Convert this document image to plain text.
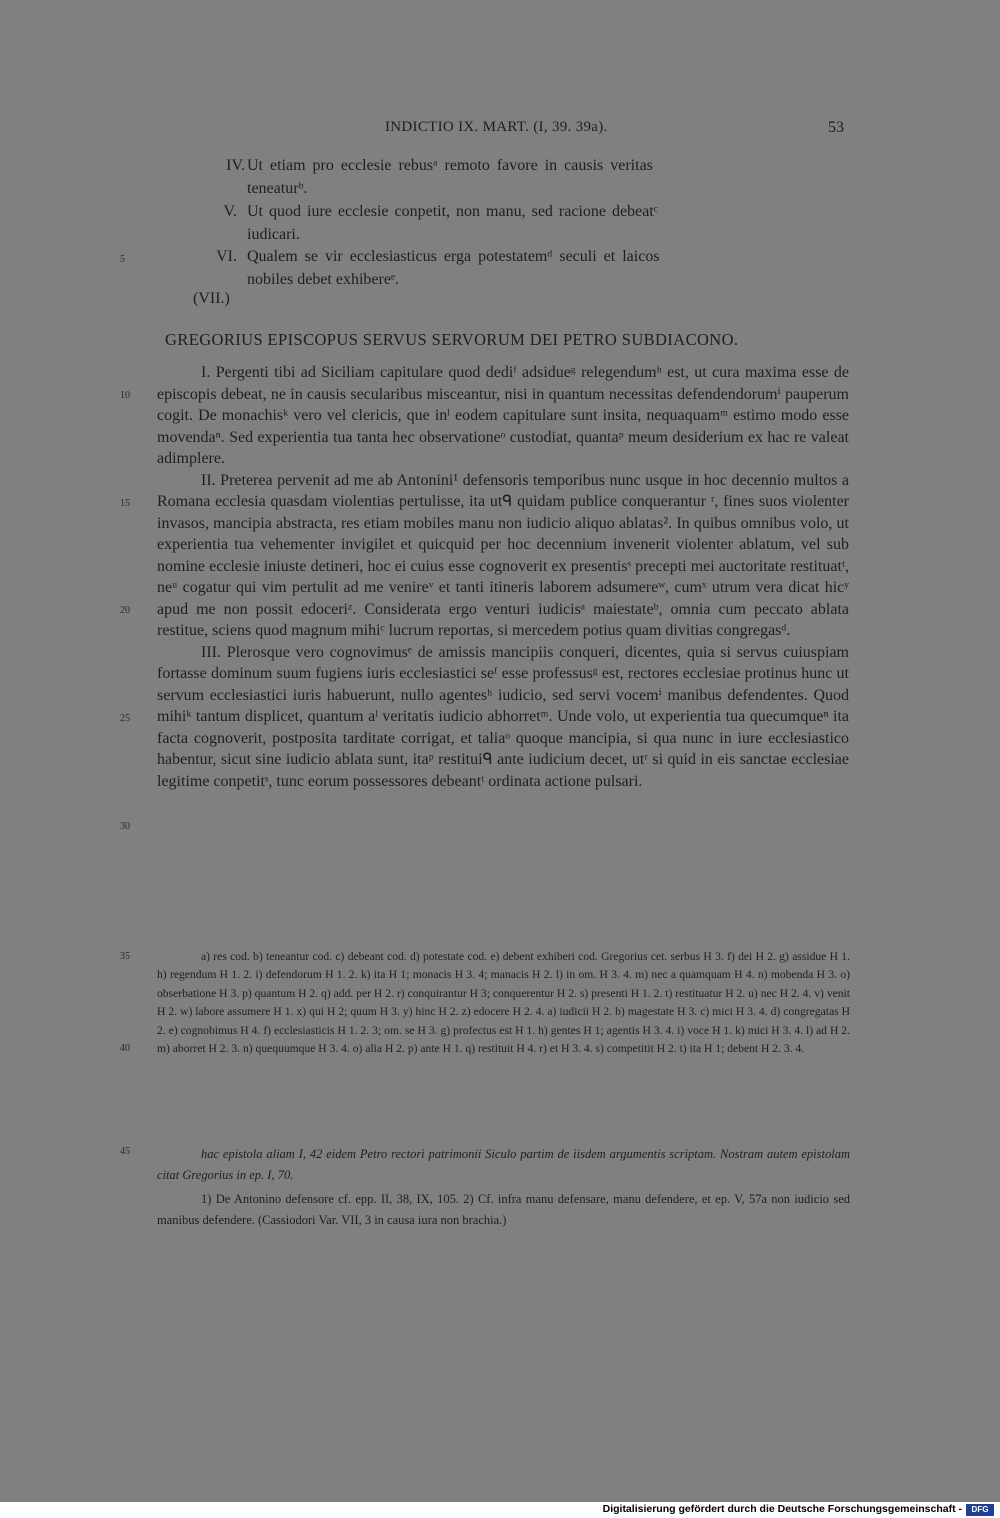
INDICTIO IX. MART. (I, 39. 39a).	53
5
10
15
20
25
30
35
40
45
IV. Ut etiam pro ecclesie rebusᵃ remoto favore in causis veritas
teneaturᵇ.
V. Ut quod iure ecclesie conpetit, non manu, sed racione debeatᶜ
iudicari.
VI. Qualem se vir ecclesiasticus erga potestatemᵈ seculi et laicos
nobiles debet exhibereᵉ.
(VII.)
GREGORIUS EPISCOPUS SERVUS SERVORUM DEI PETRO SUBDIACONO.

I. Pergenti tibi ad Siciliam capitulare quod dediᶠ adsidueᵍ relegendumʰ est, ut cura maxima esse de episcopis debeat, ne in causis secularibus misceantur, nisi in quantum necessitas defendendorumⁱ pauperum cogit. De monachisᵏ vero vel clericis, que inˡ eodem capitulare sunt insita, nequaquamᵐ estimo modo esse movendaⁿ. Sed experientia tua tanta hec observationeᵒ custodiat, quantaᵖ meum desiderium ex hac re valeat adimplere.

II. Preterea pervenit ad me ab Antonini¹ defensoris temporibus nunc usque in hoc decennio multos a Romana ecclesia quasdam violentias pertulisse, ita utᑫ quidam publice conquerantur ʳ, fines suos violenter invasos, mancipia abstracta, res etiam mobiles manu non iudicio aliquo ablatas². In quibus omnibus volo, ut experientia tua vehementer invigilet et quicquid per hoc decennium invenerit violenter ablatum, vel sub nomine ecclesie iniuste detineri, hoc ei cuius esse cognoverit ex presentisˢ precepti mei auctoritate restituatᵗ, neᵘ cogatur qui vim pertulit ad me venireᵛ et tanti itineris laborem adsumereʷ, cumˣ utrum vera dicat hicʸ apud me non possit edoceriᶻ. Considerata ergo venturi iudicisᵃ maiestateᵇ, omnia cum peccato ablata restitue, sciens quod magnum mihiᶜ lucrum reportas, si mercedem potius quam divitias congregasᵈ.

III. Plerosque vero cognovimusᵉ de amissis mancipiis conqueri, dicentes, quia si servus cuiuspiam fortasse dominum suum fugiens iuris ecclesiastici seᶠ esse professusᵍ est, rectores ecclesiae protinus hunc ut servum ecclesiastici iuris habuerunt, nullo agentesʰ iudicio, sed servi vocemⁱ manibus defendentes. Quod mihiᵏ tantum displicet, quantum aˡ veritatis iudicio abhorretᵐ. Unde volo, ut experientia tua quecumqueⁿ ita facta cognoverit, postposita tarditate corrigat, et taliaᵒ quoque mancipia, si qua nunc in iure ecclesiastico habentur, sicut sine iudicio ablata sunt, itaᵖ restituiᑫ ante iudicium decet, utʳ si quid in eis sanctae ecclesiae legitime conpetitˢ, tunc eorum possessores debeantᵗ ordinata actione pulsari.

a) res cod. b) teneantur cod. c) debeant cod. d) potestate cod. e) debent exhiberi cod. Gregorius cet. serbus H 3. f) dei H 2. g) assidue H 1. h) regendum H 1. 2. i) defendorum H 1. 2. k) ita H 1; monacis H 3. 4; manacis H 2. l) in om. H 3. 4. m) nec a quamquam H 4. n) mobenda H 3. o) obserbatione H 3. p) quantum H 2. q) add. per H 2. r) conquirantur H 3; conquerentur H 2. s) presenti H 1. 2. t) restituatur H 2. u) nec H 2. 4. v) venit H 2. w) labore assumere H 1. x) qui H 2; quum H 3. y) hinc H 2. z) edocere H 2. 4. a) iudicii H 2. b) magestate H 3. c) mici H 3. 4. d) congregatas H 2. e) cognobimus H 4. f) ecclesiasticis H 1. 2. 3; om. se H 3. g) profectus est H 1. h) gentes H 1; agentis H 3. 4. i) voce H 1. k) mici H 3. 4. l) ad H 2. m) aborret H 2. 3. n) quequumque H 3. 4. o) alia H 2. p) ante H 1. q) restituit H 4. r) et H 3. 4. s) competitit H 2. t) ita H 1; debent H 2. 3. 4.

hac epistola aliam I, 42 eidem Petro rectori patrimonii Siculo partim de iisdem argumentis scriptam. Nostram autem epistolam citat Gregorius in ep. I, 70.

1) De Antonino defensore cf. epp. II, 38, IX, 105. 2) Cf. infra manu defensare, manu defendere, et ep. V, 57a non iudicio sed manibus defendere. (Cassiodori Var. VII, 3 in causa iura non brachia.)

Digitalisierung gefördert durch die Deutsche Forschungsgemeinschaft -	DFG
